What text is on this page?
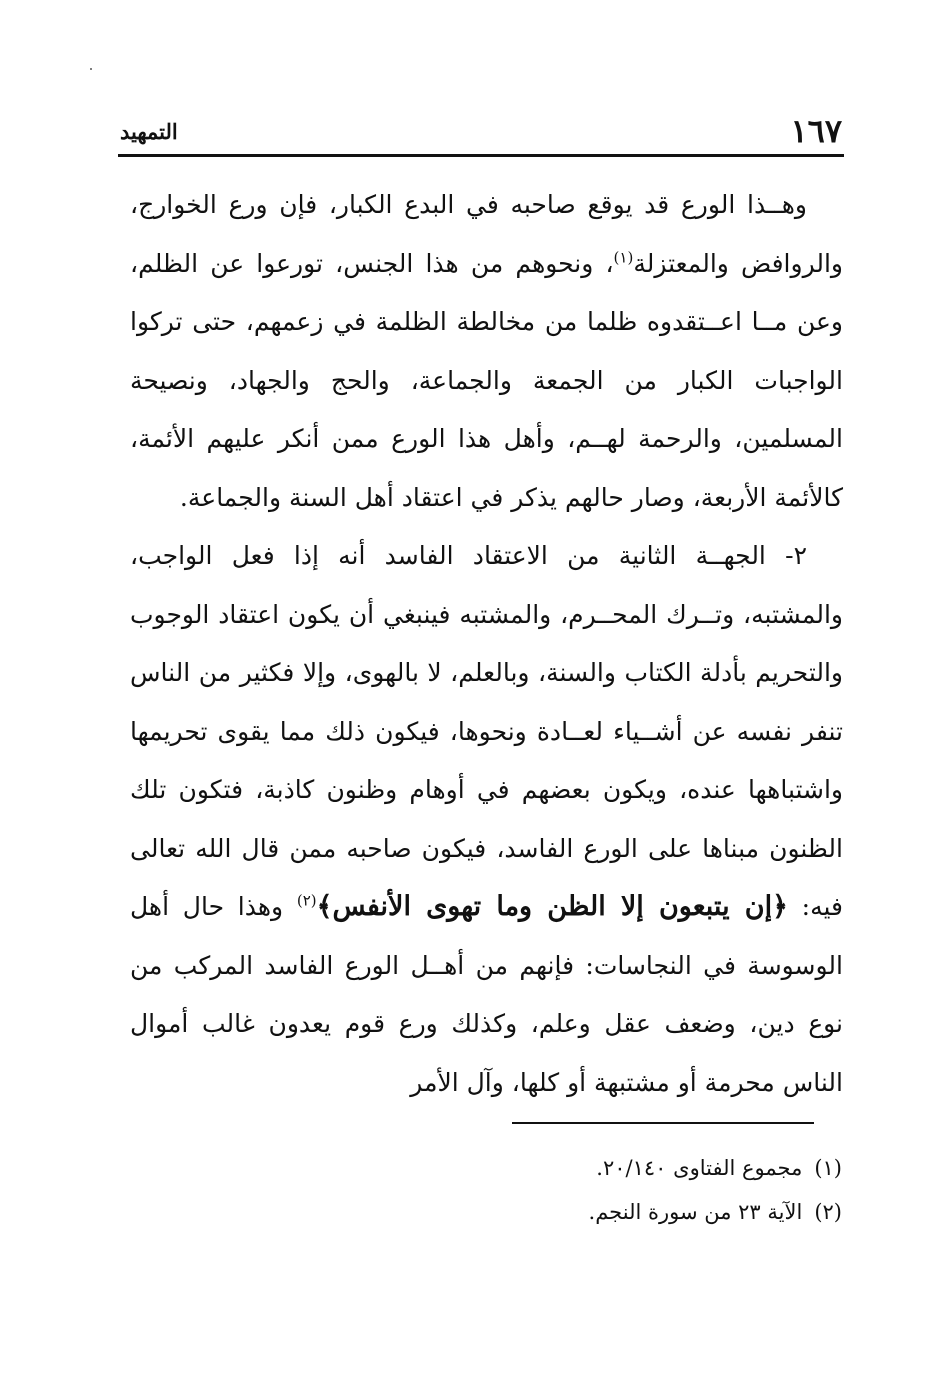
١٦٧
التمهيد

وهــذا الورع قد يوقع صاحبه في البدع الكبار، فإن ورع الخوارج، والروافض والمعتزلة$^{(١)}$، ونحوهم من هذا الجنس، تورعوا عن الظلم، وعن مــا اعــتقدوه ظلما من مخالطة الظلمة في زعمهم، حتى تركوا الواجبات الكبار من الجمعة والجماعة، والحج والجهاد، ونصيحة المسلمين، والرحمة لهــم، وأهل هذا الورع ممن أنكر عليهم الأئمة، كالأئمة الأربعة، وصار حالهم يذكر في اعتقاد أهل السنة والجماعة.

٢- الجهــة الثانية من الاعتقاد الفاسد أنه إذا فعل الواجب، والمشتبه، وتــرك المحــرم، والمشتبه فينبغي أن يكون اعتقاد الوجوب والتحريم بأدلة الكتاب والسنة، وبالعلم، لا بالهوى، وإلا فكثير من الناس تنفر نفسه عن أشــياء لعــادة ونحوها، فيكون ذلك مما يقوى تحريمها واشتباهها عنده، ويكون بعضهم في أوهام وظنون كاذبة، فتكون تلك الظنون مبناها على الورع الفاسد، فيكون صاحبه ممن قال الله تعالى فيه: ﴿إن يتبعون إلا الظن وما تهوى الأنفس﴾$^{(٢)}$ وهذا حال أهل الوسوسة في النجاسات: فإنهم من أهــل الورع الفاسد المركب من نوع دين، وضعف عقل وعلم، وكذلك ورع قوم يعدون غالب أموال الناس محرمة أو مشتبهة أو كلها، وآل الأمر

(١)مجموع الفتاوى ٢٠/١٤٠.

(٢)الآية ٢٣ من سورة النجم.
